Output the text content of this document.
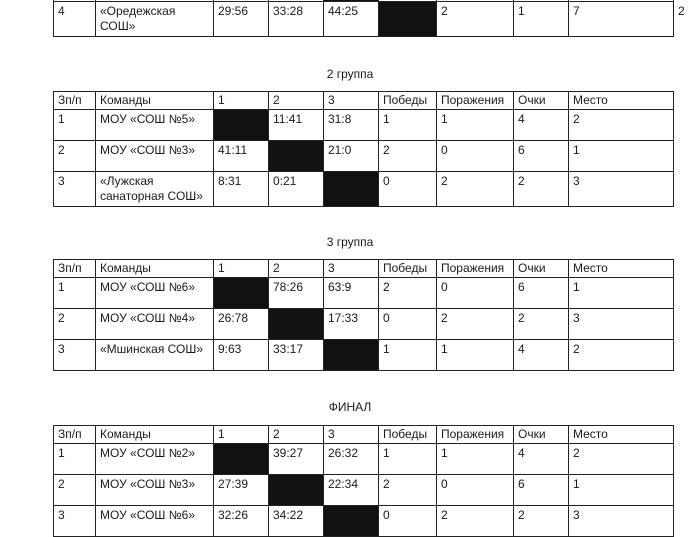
4	«Оредежская СОШ»	29:56	33:28	44:25		2	1	7	2
2 группа
Зп/п	Команды	1	2	3	Победы	Поражения	Очки	Место
1	МОУ «СОШ №5»		11:41	31:8	1	1	4	2
2	МОУ «СОШ №3»	41:11		21:0	2	0	6	1
3	«Лужская санаторная СОШ»	8:31	0:21		0	2	2	3
3 группа
Зп/п	Команды	1	2	3	Победы	Поражения	Очки	Место
1	МОУ «СОШ №6»		78:26	63:9	2	0	6	1
2	МОУ «СОШ №4»	26:78		17:33	0	2	2	3
3	«Мшинская СОШ»	9:63	33:17		1	1	4	2
ФИНАЛ
Зп/п	Команды	1	2	3	Победы	Поражения	Очки	Место
1	МОУ «СОШ №2»		39:27	26:32	1	1	4	2
2	МОУ «СОШ №3»	27:39		22:34	2	0	6	1
3	МОУ «СОШ №6»	32:26	34:22		0	2	2	3
